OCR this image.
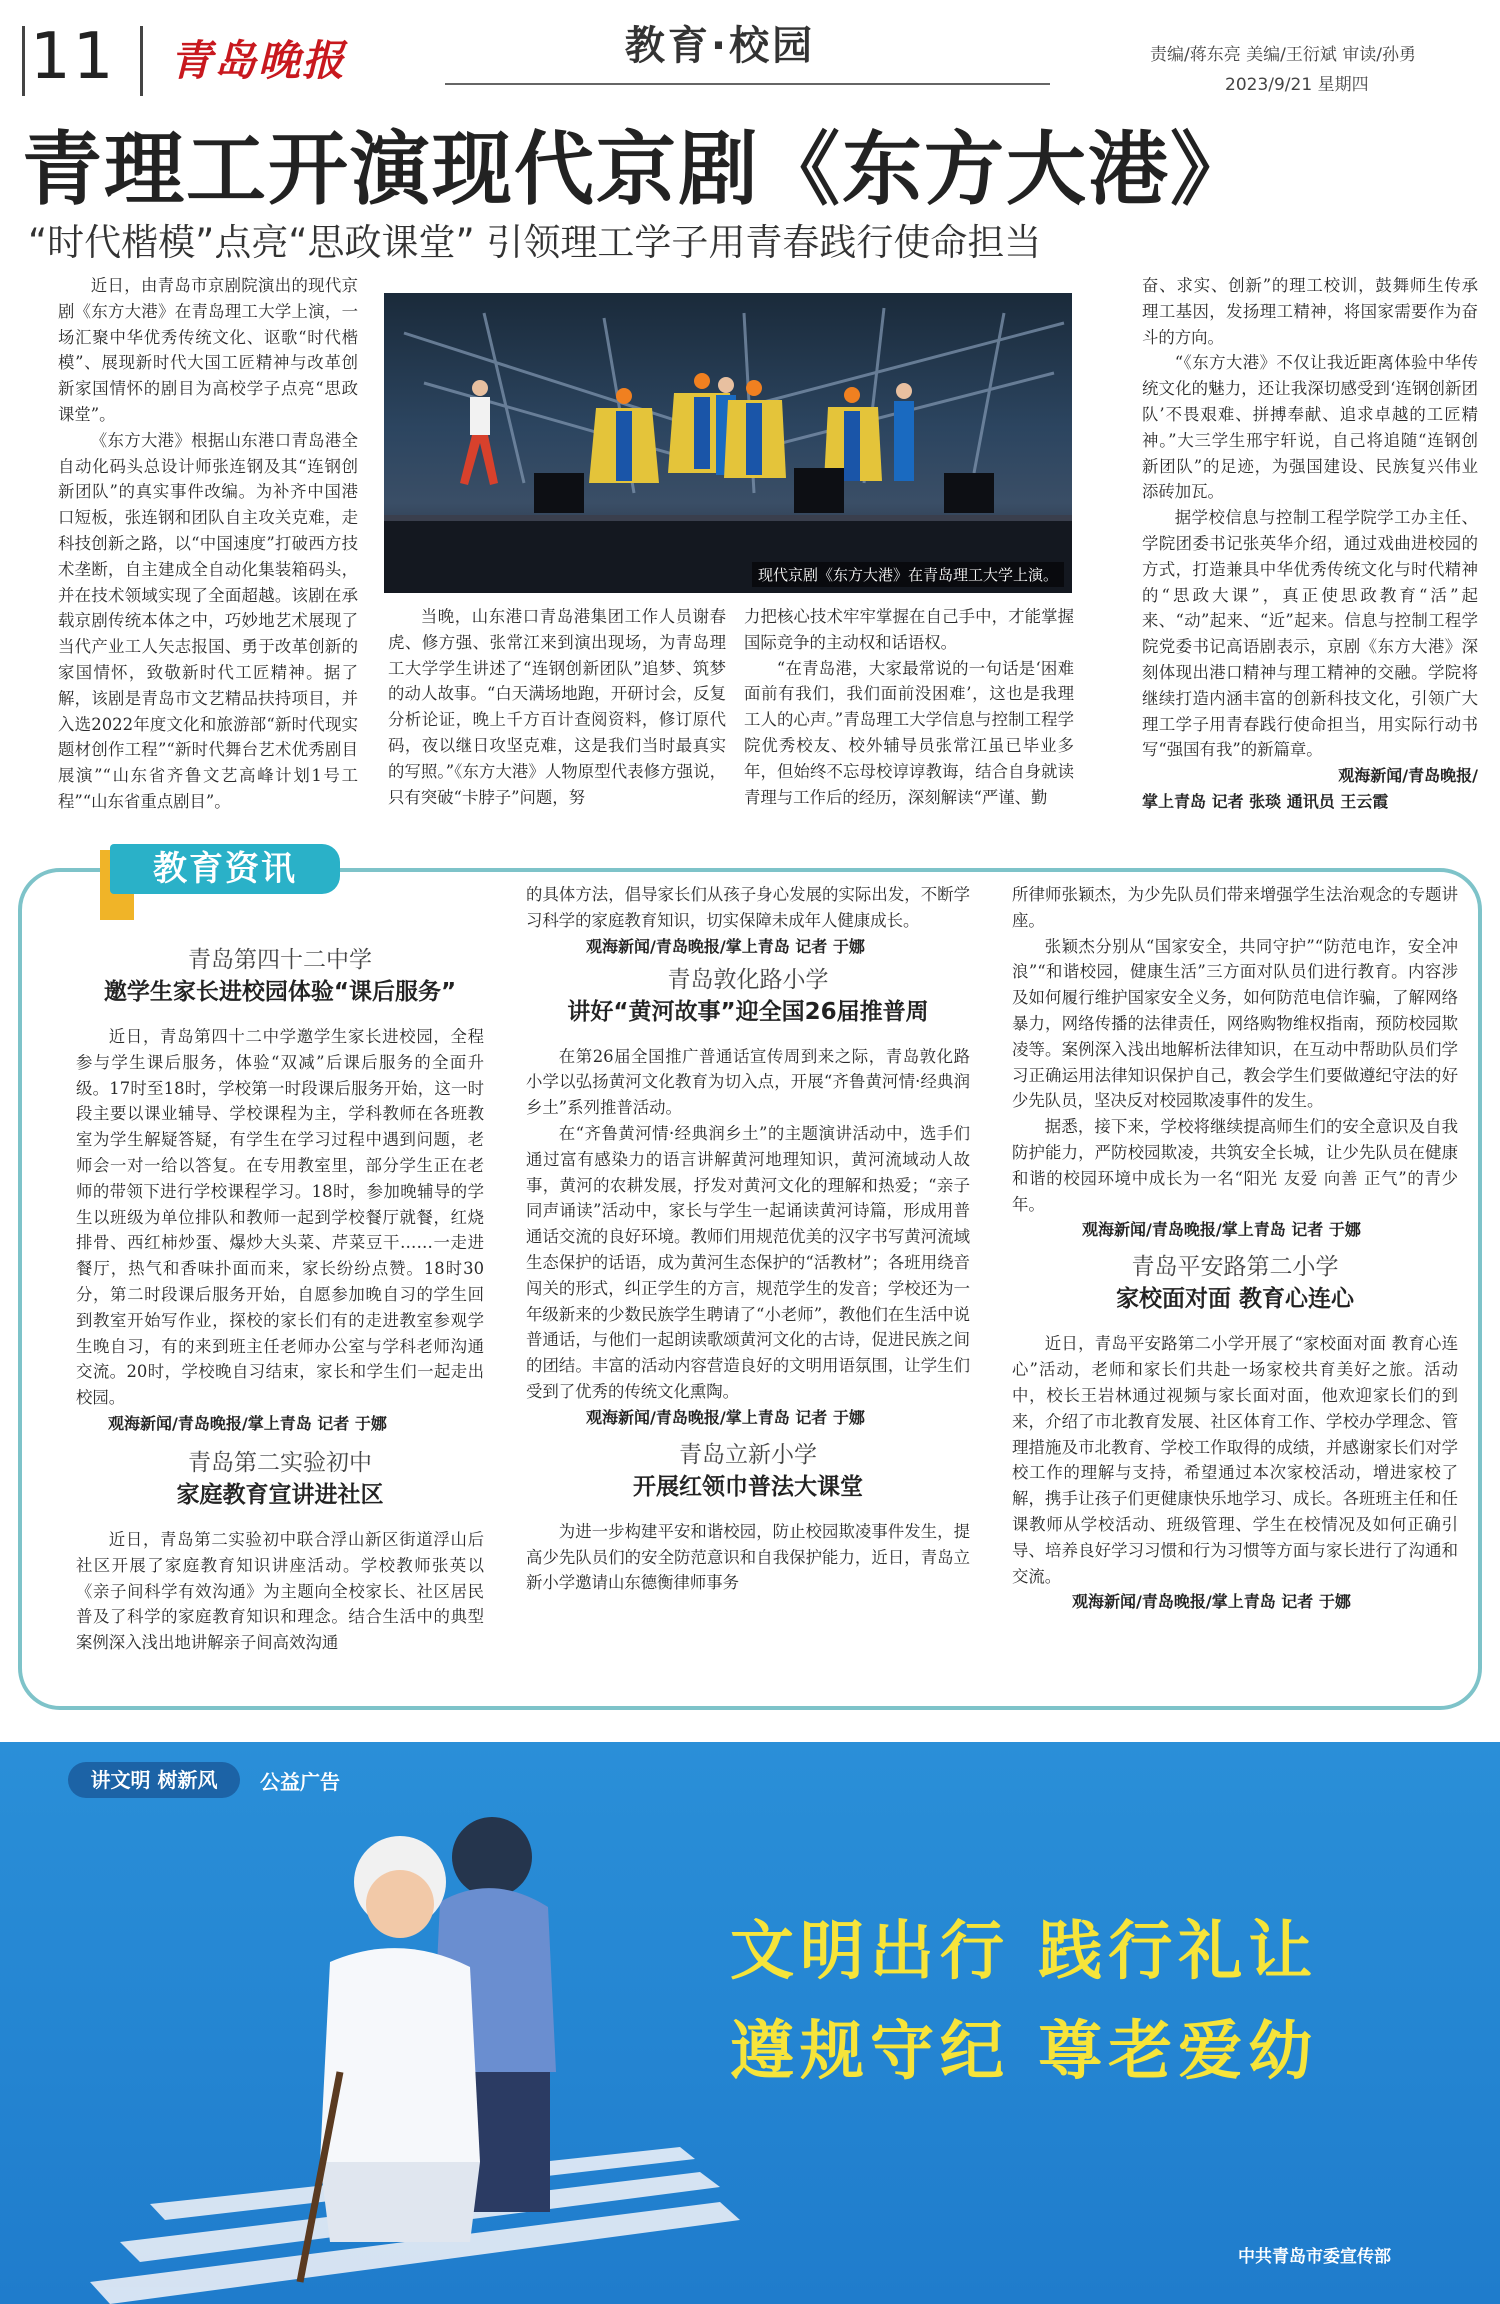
11 青岛晚报	教育·校园	责编/蒋东亮 美编/王衍斌 审读/孙勇
2023/9/21 星期四
青理工开演现代京剧《东方大港》
“时代楷模”点亮“思政课堂” 引领理工学子用青春践行使命担当

近日，由青岛市京剧院演出的现代京剧《东方大港》在青岛理工大学上演，一场汇聚中华优秀传统文化、讴歌“时代楷模”、展现新时代大国工匠精神与改革创新家国情怀的剧目为高校学子点亮“思政课堂”。

《东方大港》根据山东港口青岛港全自动化码头总设计师张连钢及其“连钢创新团队”的真实事件改编。为补齐中国港口短板，张连钢和团队自主攻关克难，走科技创新之路，以“中国速度”打破西方技术垄断，自主建成全自动化集装箱码头，并在技术领域实现了全面超越。该剧在承载京剧传统本体之中，巧妙地艺术展现了当代产业工人矢志报国、勇于改革创新的家国情怀，致敬新时代工匠精神。据了解，该剧是青岛市文艺精品扶持项目，并入选2022年度文化和旅游部“新时代现实题材创作工程”“新时代舞台艺术优秀剧目展演”“山东省齐鲁文艺高峰计划1号工程”“山东省重点剧目”。

现代京剧《东方大港》在青岛理工大学上演。

当晚，山东港口青岛港集团工作人员谢春虎、修方强、张常江来到演出现场，为青岛理工大学学生讲述了“连钢创新团队”追梦、筑梦的动人故事。“白天满场地跑，开研讨会，反复分析论证，晚上千方百计查阅资料，修订原代码，夜以继日攻坚克难，这是我们当时最真实的写照。”《东方大港》人物原型代表修方强说，只有突破“卡脖子”问题，努

力把核心技术牢牢掌握在自己手中，才能掌握国际竞争的主动权和话语权。

“在青岛港，大家最常说的一句话是‘困难面前有我们，我们面前没困难’，这也是我理工人的心声。”青岛理工大学信息与控制工程学院优秀校友、校外辅导员张常江虽已毕业多年，但始终不忘母校谆谆教诲，结合自身就读青理与工作后的经历，深刻解读“严谨、勤

奋、求实、创新”的理工校训，鼓舞师生传承理工基因，发扬理工精神，将国家需要作为奋斗的方向。

“《东方大港》不仅让我近距离体验中华传统文化的魅力，还让我深切感受到‘连钢创新团队’不畏艰难、拼搏奉献、追求卓越的工匠精神。”大三学生邢宇轩说，自己将追随“连钢创新团队”的足迹，为强国建设、民族复兴伟业添砖加瓦。

据学校信息与控制工程学院学工办主任、学院团委书记张英华介绍，通过戏曲进校园的方式，打造兼具中华优秀传统文化与时代精神的“思政大课”，真正使思政教育“活”起来、“动”起来、“近”起来。信息与控制工程学院党委书记高语剧表示，京剧《东方大港》深刻体现出港口精神与理工精神的交融。学院将继续打造内涵丰富的创新科技文化，引领广大理工学子用青春践行使命担当，用实际行动书写“强国有我”的新篇章。

观海新闻/青岛晚报/
掌上青岛 记者 张琰 通讯员 王云霞
教育资讯
青岛第四十二中学
邀学生家长进校园体验“课后服务”

近日，青岛第四十二中学邀学生家长进校园，全程参与学生课后服务，体验“双减”后课后服务的全面升级。17时至18时，学校第一时段课后服务开始，这一时段主要以课业辅导、学校课程为主，学科教师在各班教室为学生解疑答疑，有学生在学习过程中遇到问题，老师会一对一给以答复。在专用教室里，部分学生正在老师的带领下进行学校课程学习。18时，参加晚辅导的学生以班级为单位排队和教师一起到学校餐厅就餐，红烧排骨、西红柿炒蛋、爆炒大头菜、芹菜豆干……一走进餐厅，热气和香味扑面而来，家长纷纷点赞。18时30分，第二时段课后服务开始，自愿参加晚自习的学生回到教室开始写作业，探校的家长们有的走进教室参观学生晚自习，有的来到班主任老师办公室与学科老师沟通交流。20时，学校晚自习结束，家长和学生们一起走出校园。

观海新闻/青岛晚报/掌上青岛 记者 于娜
青岛第二实验初中
家庭教育宣讲进社区

近日，青岛第二实验初中联合浮山新区街道浮山后社区开展了家庭教育知识讲座活动。学校教师张英以《亲子间科学有效沟通》为主题向全校家长、社区居民普及了科学的家庭教育知识和理念。结合生活中的典型案例深入浅出地讲解亲子间高效沟通

的具体方法，倡导家长们从孩子身心发展的实际出发，不断学习科学的家庭教育知识，切实保障未成年人健康成长。

观海新闻/青岛晚报/掌上青岛 记者 于娜
青岛敦化路小学
讲好“黄河故事”迎全国26届推普周

在第26届全国推广普通话宣传周到来之际，青岛敦化路小学以弘扬黄河文化教育为切入点，开展“齐鲁黄河情·经典润乡土”系列推普活动。

在“齐鲁黄河情·经典润乡土”的主题演讲活动中，选手们通过富有感染力的语言讲解黄河地理知识，黄河流域动人故事，黄河的农耕发展，抒发对黄河文化的理解和热爱；“亲子同声诵读”活动中，家长与学生一起诵读黄河诗篇，形成用普通话交流的良好环境。教师们用规范优美的汉字书写黄河流域生态保护的话语，成为黄河生态保护的“活教材”；各班用绕音闯关的形式，纠正学生的方言，规范学生的发音；学校还为一年级新来的少数民族学生聘请了“小老师”，教他们在生活中说普通话，与他们一起朗读歌颂黄河文化的古诗，促进民族之间的团结。丰富的活动内容营造良好的文明用语氛围，让学生们受到了优秀的传统文化熏陶。

观海新闻/青岛晚报/掌上青岛 记者 于娜
青岛立新小学
开展红领巾普法大课堂

为进一步构建平安和谐校园，防止校园欺凌事件发生，提高少先队员们的安全防范意识和自我保护能力，近日，青岛立新小学邀请山东德衡律师事务

所律师张颖杰，为少先队员们带来增强学生法治观念的专题讲座。

张颖杰分别从“国家安全，共同守护”“防范电诈，安全冲浪”“和谐校园，健康生活”三方面对队员们进行教育。内容涉及如何履行维护国家安全义务，如何防范电信诈骗，了解网络暴力，网络传播的法律责任，网络购物维权指南，预防校园欺凌等。案例深入浅出地解析法律知识，在互动中帮助队员们学习正确运用法律知识保护自己，教会学生们要做遵纪守法的好少先队员，坚决反对校园欺凌事件的发生。

据悉，接下来，学校将继续提高师生们的安全意识及自我防护能力，严防校园欺凌，共筑安全长城，让少先队员在健康和谐的校园环境中成长为一名“阳光 友爱 向善 正气”的青少年。

观海新闻/青岛晚报/掌上青岛 记者 于娜
青岛平安路第二小学
家校面对面 教育心连心

近日，青岛平安路第二小学开展了“家校面对面 教育心连心”活动，老师和家长们共赴一场家校共育美好之旅。活动中，校长王岩林通过视频与家长面对面，他欢迎家长们的到来，介绍了市北教育发展、社区体育工作、学校办学理念、管理措施及市北教育、学校工作取得的成绩，并感谢家长们对学校工作的理解与支持，希望通过本次家校活动，增进家校了解，携手让孩子们更健康快乐地学习、成长。各班班主任和任课教师从学校活动、班级管理、学生在校情况及如何正确引导、培养良好学习习惯和行为习惯等方面与家长进行了沟通和交流。

观海新闻/青岛晚报/掌上青岛 记者 于娜
讲文明 树新风	公益广告
文明出行 践行礼让
遵规守纪 尊老爱幼
中共青岛市委宣传部
